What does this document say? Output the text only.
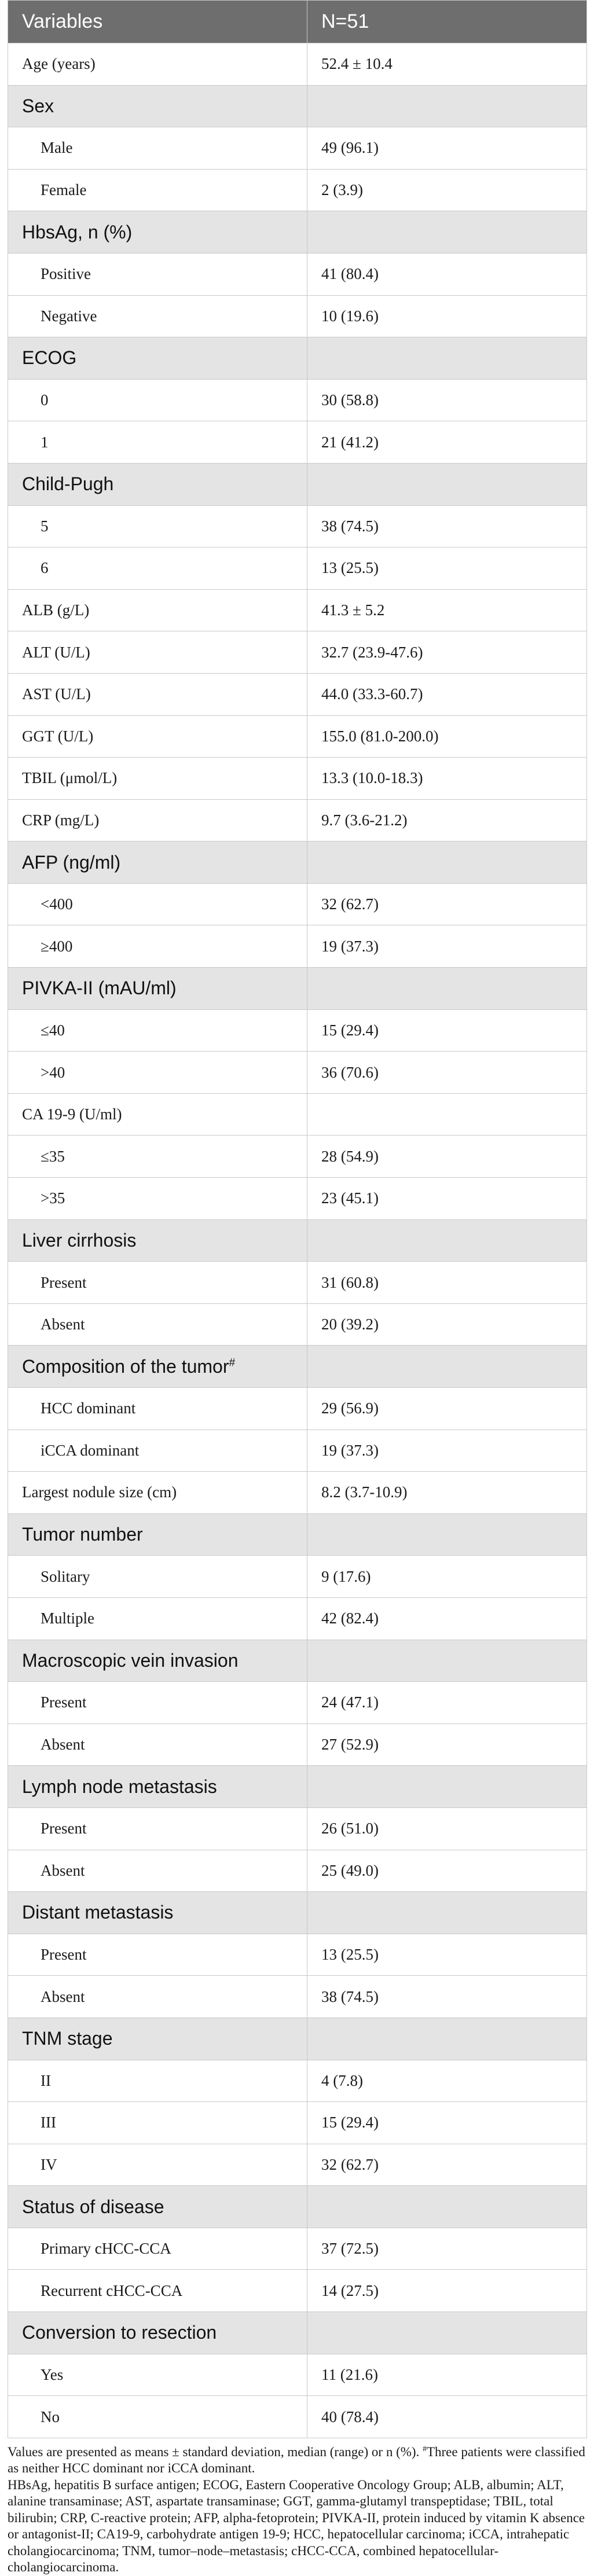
Variables	N=51
Age (years)	52.4 ± 10.4
Sex	
Male	49 (96.1)
Female	2 (3.9)
HbsAg, n (%)	
Positive	41 (80.4)
Negative	10 (19.6)
ECOG	
0	30 (58.8)
1	21 (41.2)
Child-Pugh	
5	38 (74.5)
6	13 (25.5)
ALB (g/L)	41.3 ± 5.2
ALT (U/L)	32.7 (23.9-47.6)
AST (U/L)	44.0 (33.3-60.7)
GGT (U/L)	155.0 (81.0-200.0)
TBIL (μmol/L)	13.3 (10.0-18.3)
CRP (mg/L)	9.7 (3.6-21.2)
AFP (ng/ml)	
<400	32 (62.7)
≥400	19 (37.3)
PIVKA-II (mAU/ml)	
≤40	15 (29.4)
>40	36 (70.6)
CA 19-9 (U/ml)	
≤35	28 (54.9)
>35	23 (45.1)
Liver cirrhosis	
Present	31 (60.8)
Absent	20 (39.2)
Composition of the tumor#	
HCC dominant	29 (56.9)
iCCA dominant	19 (37.3)
Largest nodule size (cm)	8.2 (3.7-10.9)
Tumor number	
Solitary	9 (17.6)
Multiple	42 (82.4)
Macroscopic vein invasion	
Present	24 (47.1)
Absent	27 (52.9)
Lymph node metastasis	
Present	26 (51.0)
Absent	25 (49.0)
Distant metastasis	
Present	13 (25.5)
Absent	38 (74.5)
TNM stage	
II	4 (7.8)
III	15 (29.4)
IV	32 (62.7)
Status of disease	
Primary cHCC-CCA	37 (72.5)
Recurrent cHCC-CCA	14 (27.5)
Conversion to resection	
Yes	11 (21.6)
No	40 (78.4)

Values are presented as means ± standard deviation, median (range) or n (%). #Three patients were classified as neither HCC dominant nor iCCA dominant.

HBsAg, hepatitis B surface antigen; ECOG, Eastern Cooperative Oncology Group; ALB, albumin; ALT, alanine transaminase; AST, aspartate transaminase; GGT, gamma-glutamyl transpeptidase; TBIL, total bilirubin; CRP, C-reactive protein; AFP, alpha-fetoprotein; PIVKA-II, protein induced by vitamin K absence or antagonist-II; CA19-9, carbohydrate antigen 19-9; HCC, hepatocellular carcinoma; iCCA, intrahepatic cholangiocarcinoma; TNM, tumor–node–metastasis; cHCC-CCA, combined hepatocellular-cholangiocarcinoma.
